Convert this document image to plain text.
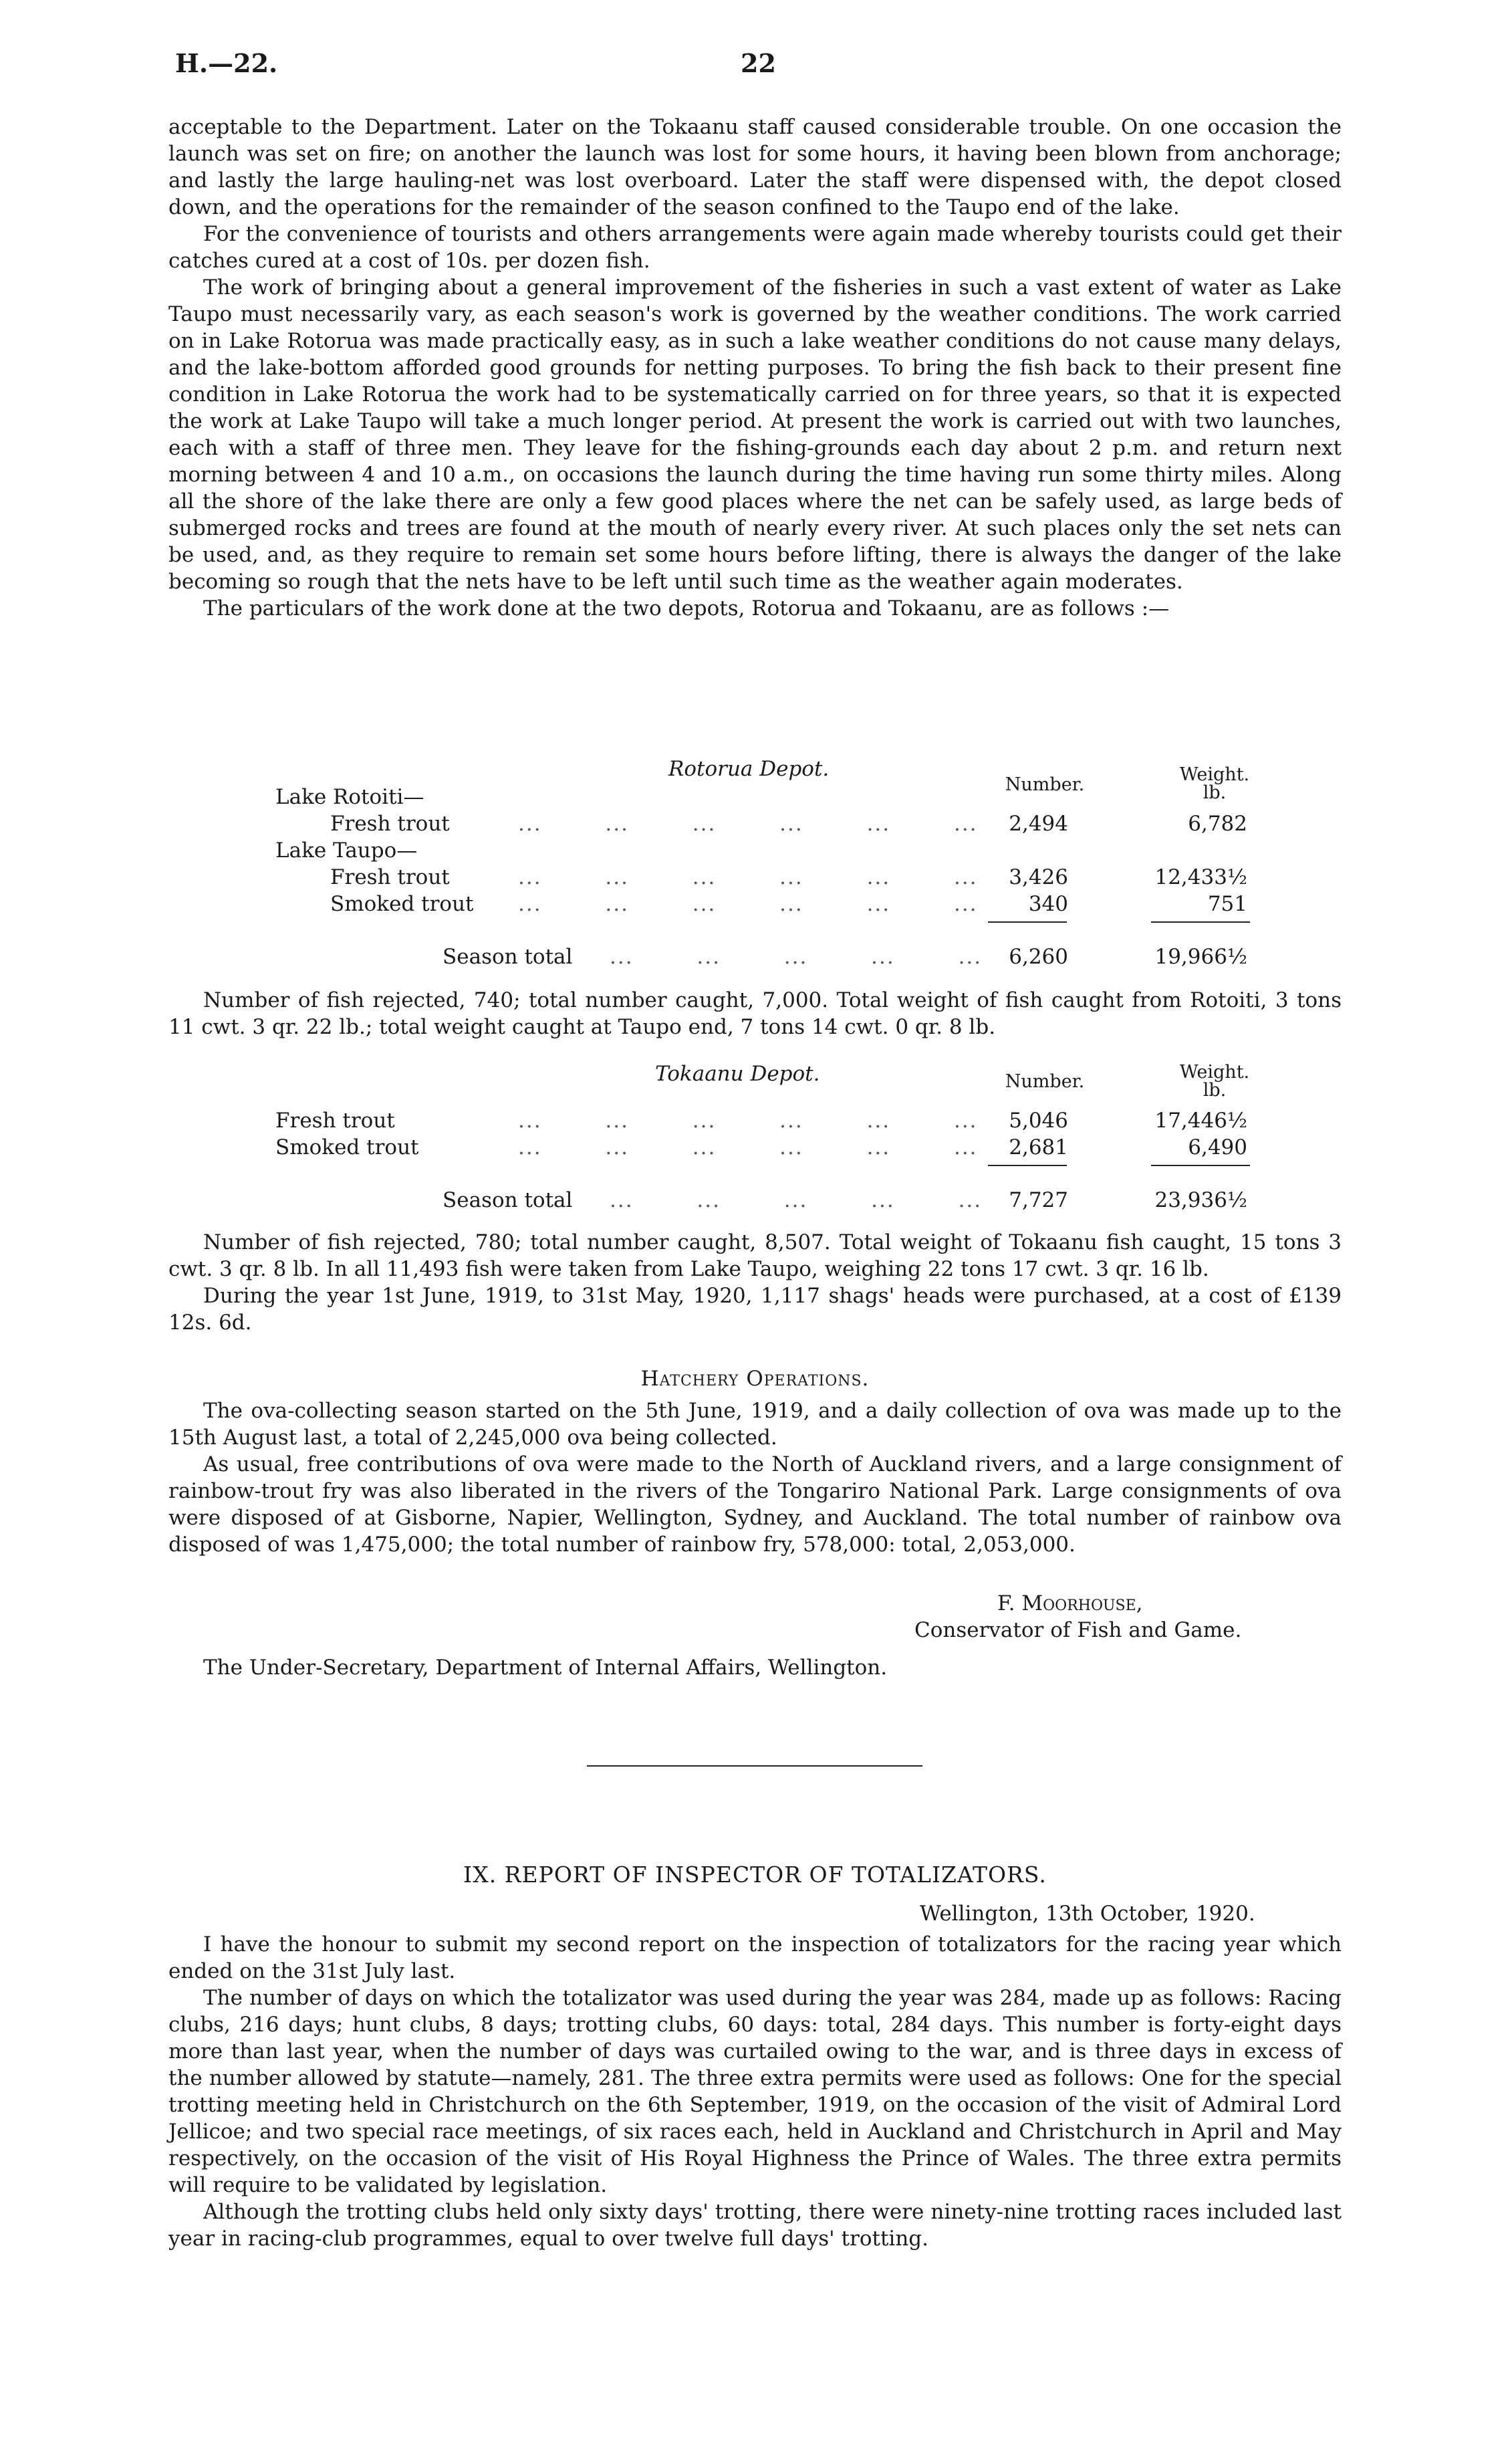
H.—22.	22

acceptable to the Department. Later on the Tokaanu staff caused considerable trouble. On one occasion the launch was set on fire; on another the launch was lost for some hours, it having been blown from anchorage; and lastly the large hauling-net was lost overboard. Later the staff were dispensed with, the depot closed down, and the operations for the remainder of the season confined to the Taupo end of the lake.

For the convenience of tourists and others arrangements were again made whereby tourists could get their catches cured at a cost of 10s. per dozen fish.

The work of bringing about a general improvement of the fisheries in such a vast extent of water as Lake Taupo must necessarily vary, as each season's work is governed by the weather conditions. The work carried on in Lake Rotorua was made practically easy, as in such a lake weather conditions do not cause many delays, and the lake-bottom afforded good grounds for netting purposes. To bring the fish back to their present fine condition in Lake Rotorua the work had to be systematically carried on for three years, so that it is expected the work at Lake Taupo will take a much longer period. At present the work is carried out with two launches, each with a staff of three men. They leave for the fishing-grounds each day about 2 p.m. and return next morning between 4 and 10 a.m., on occasions the launch during the time having run some thirty miles. Along all the shore of the lake there are only a few good places where the net can be safely used, as large beds of submerged rocks and trees are found at the mouth of nearly every river. At such places only the set nets can be used, and, as they require to remain set some hours before lifting, there is always the danger of the lake becoming so rough that the nets have to be left until such time as the weather again moderates.

The particulars of the work done at the two depots, Rotorua and Tokaanu, are as follows :—

Rotorua Depot.
Number.	Weight.
lb.
Lake Rotoiti—
Fresh trout	...        ...        ...        ...        ...        ...	2,494	6,782
Lake Taupo—
Fresh trout	...        ...        ...        ...        ...        ...	3,426	12,433½
Smoked trout ...        ...        ...        ...        ...        ...	340	751
Season total ...        ...        ...        ...        ...	6,260	19,966½

Number of fish rejected, 740; total number caught, 7,000. Total weight of fish caught from Rotoiti, 3 tons 11 cwt. 3 qr. 22 lb.; total weight caught at Taupo end, 7 tons 14 cwt. 0 qr. 8 lb.

Tokaanu Depot.	Number.	Weight.
lb.
Fresh trout	...        ...        ...        ...        ...        ...	5,046	17,446½
Smoked trout	...        ...        ...        ...        ...        ...	2,681	6,490
Season total ...        ...        ...        ...        ...	7,727	23,936½

Number of fish rejected, 780; total number caught, 8,507. Total weight of Tokaanu fish caught, 15 tons 3 cwt. 3 qr. 8 lb. In all 11,493 fish were taken from Lake Taupo, weighing 22 tons 17 cwt. 3 qr. 16 lb.

During the year 1st June, 1919, to 31st May, 1920, 1,117 shags' heads were purchased, at a cost of £139 12s. 6d.

Hatchery Operations.

The ova-collecting season started on the 5th June, 1919, and a daily collection of ova was made up to the 15th August last, a total of 2,245,000 ova being collected.

As usual, free contributions of ova were made to the North of Auckland rivers, and a large consignment of rainbow-trout fry was also liberated in the rivers of the Tongariro National Park. Large consignments of ova were disposed of at Gisborne, Napier, Wellington, Sydney, and Auckland. The total number of rainbow ova disposed of was 1,475,000; the total number of rainbow fry, 578,000: total, 2,053,000.

F. Moorhouse,
Conservator of Fish and Game.

The Under-Secretary, Department of Internal Affairs, Wellington.

IX. REPORT OF INSPECTOR OF TOTALIZATORS.
Wellington, 13th October, 1920.

I have the honour to submit my second report on the inspection of totalizators for the racing year which ended on the 31st July last.

The number of days on which the totalizator was used during the year was 284, made up as follows: Racing clubs, 216 days; hunt clubs, 8 days; trotting clubs, 60 days: total, 284 days. This number is forty-eight days more than last year, when the number of days was curtailed owing to the war, and is three days in excess of the number allowed by statute—namely, 281. The three extra permits were used as follows: One for the special trotting meeting held in Christchurch on the 6th September, 1919, on the occasion of the visit of Admiral Lord Jellicoe; and two special race meetings, of six races each, held in Auckland and Christchurch in April and May respectively, on the occasion of the visit of His Royal Highness the Prince of Wales. The three extra permits will require to be validated by legislation.

Although the trotting clubs held only sixty days' trotting, there were ninety-nine trotting races included last year in racing-club programmes, equal to over twelve full days' trotting.
